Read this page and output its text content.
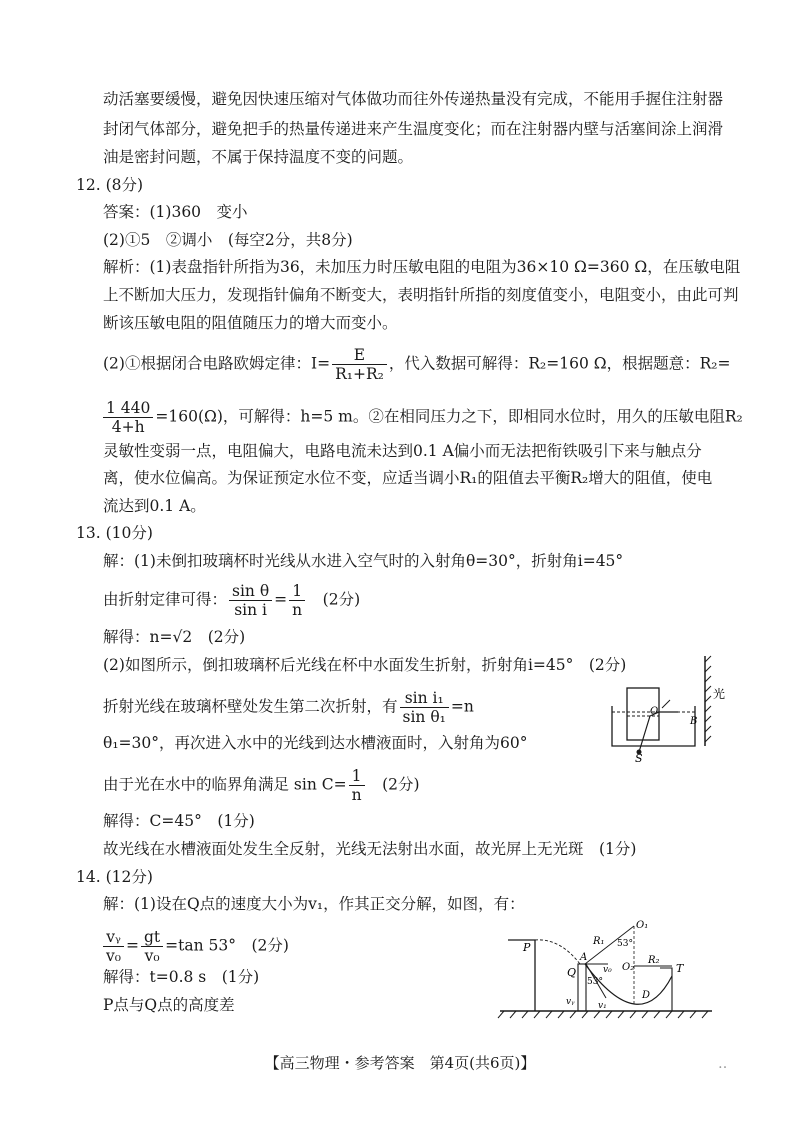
动活塞要缓慢，避免因快速压缩对气体做功而往外传递热量没有完成，不能用手握住注射器
封闭气体部分，避免把手的热量传递进来产生温度变化；而在注射器内壁与活塞间涂上润滑
油是密封问题，不属于保持温度不变的问题。
12. (8分)
答案：(1)360　变小
(2)①5　②调小　(每空2分，共8分)
解析：(1)表盘指针所指为36，未加压力时压敏电阻的电阻为36×10 Ω=360 Ω，在压敏电阻
上不断加大压力，发现指针偏角不断变大，表明指针所指的刻度值变小，电阻变小，由此可判
断该压敏电阻的阻值随压力的增大而变小。
(2)①根据闭合电路欧姆定律：$I= \frac{E}{\text{R₁+R₂}}$ ，代入数据可解得：R₂=160 Ω，根据题意：R₂=
$\frac{1 440}{4+h} =160(\Omega)$，可解得：h=5 m。②在相同压力之下，即相同水位时，用久的压敏电阻R₂
灵敏性变弱一点，电阻偏大，电路电流未达到0.1 A偏小而无法把衔铁吸引下来与触点分
离，使水位偏高。为保证预定水位不变，应适当调小R₁的阻值去平衡R₂增大的阻值，使电
流达到0.1 A。
13. (10分)
解：(1)未倒扣玻璃杯时光线从水进入空气时的入射角θ=30°，折射角i=45°
由折射定律可得： $\frac{\text{sin θ}}{\text{sin i}} = \frac{1}{n}$ 　(2分)
解得：n=√2　(2分)
(2)如图所示，倒扣玻璃杯后光线在杯中水面发生折射，折射角i=45°　(2分)
折射光线在玻璃杯壁处发生第二次折射，有 $\frac{\text{sin i₁}}{\text{sin θ₁}} =n$
θ₁=30°，再次进入水中的光线到达水槽液面时，入射角为60°
由于光在水中的临界角满足 $\sin C= \frac{1}{n}$ 　(2分)
解得：C=45°　(1分)
故光线在水槽液面处发生全反射，光线无法射出水面，故光屏上无光斑　(1分)
光
S
O
B
14. (12分)
解：(1)设在Q点的速度大小为v₁，作其正交分解，如图，有：
$\frac{\text{vᵧ}}{\text{v₀}} = \frac{gt}{\text{v₀}} =\tan$ 53°　(2分)
解得：t=0.8 s　(1分)
P点与Q点的高度差
P
O₁
O₂
R₁
R₂
T
D
A
Q	v₀
v₁
vᵧ
53°
53°
【高三物理・参考答案　第4页(共6页)】	‥
